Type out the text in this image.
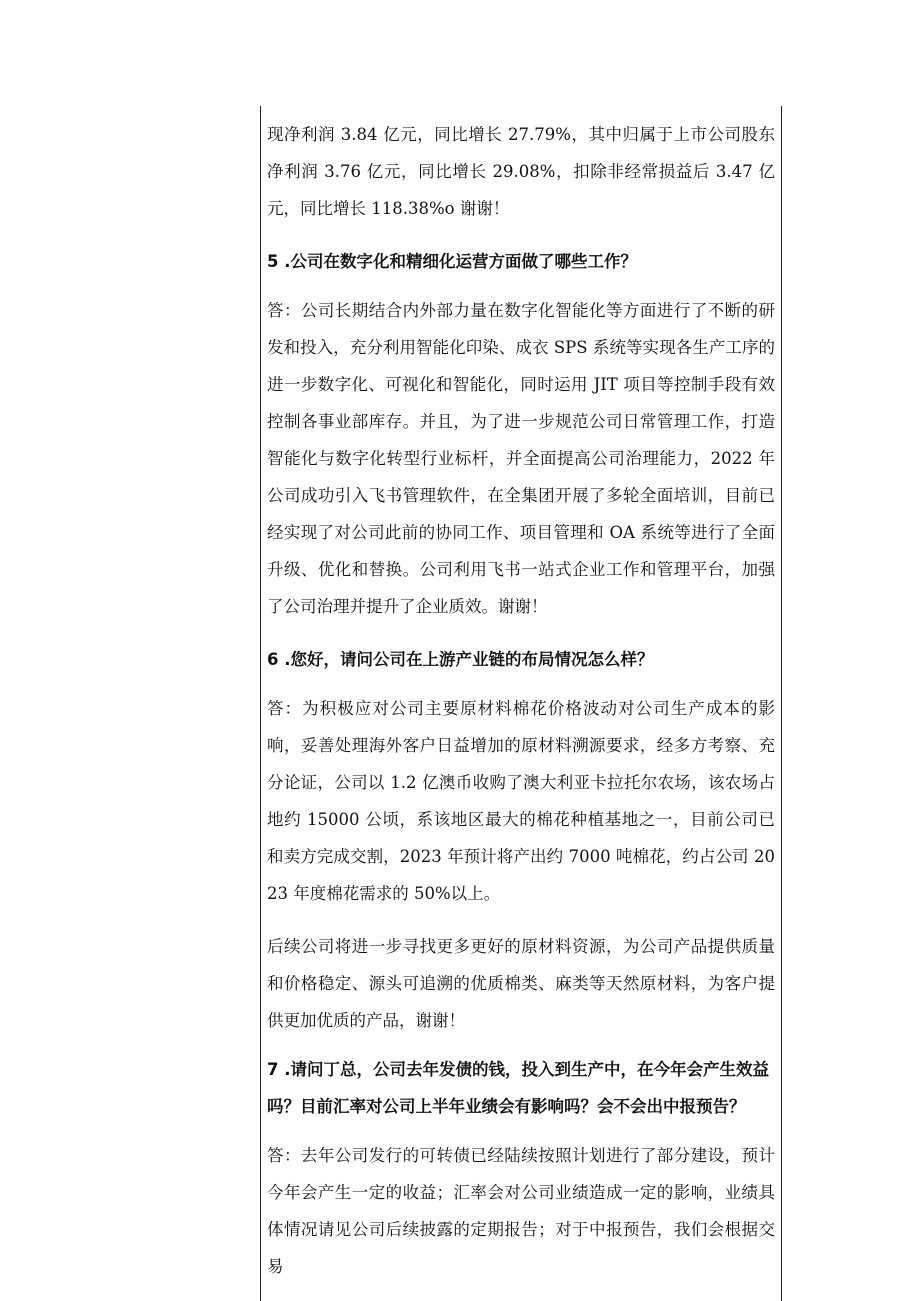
现净利润 3.84 亿元，同比增长 27.79%，其中归属于上市公司股东净利润 3.76 亿元，同比增长 29.08%，扣除非经常损益后 3.47 亿元，同比增长 118.38%o 谢谢！

5 .公司在数字化和精细化运营方面做了哪些工作？

答：公司长期结合内外部力量在数字化智能化等方面进行了不断的研发和投入，充分利用智能化印染、成衣 SPS 系统等实现各生产工序的进一步数字化、可视化和智能化，同时运用 JIT 项目等控制手段有效控制各事业部库存。并且，为了进一步规范公司日常管理工作，打造智能化与数字化转型行业标杆，并全面提高公司治理能力，2022 年公司成功引入飞书管理软件，在全集团开展了多轮全面培训，目前已经实现了对公司此前的协同工作、项目管理和 OA 系统等进行了全面升级、优化和替换。公司利用飞书一站式企业工作和管理平台，加强了公司治理并提升了企业质效。谢谢！

6 .您好，请问公司在上游产业链的布局情况怎么样？

答：为积极应对公司主要原材料棉花价格波动对公司生产成本的影响，妥善处理海外客户日益增加的原材料溯源要求，经多方考察、充分论证，公司以 1.2 亿澳币收购了澳大利亚卡拉托尔农场，该农场占地约 15000 公顷，系该地区最大的棉花种植基地之一，目前公司已和卖方完成交割，2023 年预计将产出约 7000 吨棉花，约占公司 2023 年度棉花需求的 50%以上。

后续公司将进一步寻找更多更好的原材料资源，为公司产品提供质量和价格稳定、源头可追溯的优质棉类、麻类等天然原材料，为客户提供更加优质的产品，谢谢！

7 .请问丁总，公司去年发债的钱，投入到生产中，在今年会产生效益吗？目前汇率对公司上半年业绩会有影响吗？会不会出中报预告？

答：去年公司发行的可转债已经陆续按照计划进行了部分建设，预计今年会产生一定的收益；汇率会对公司业绩造成一定的影响，业绩具体情况请见公司后续披露的定期报告；对于中报预告，我们会根据交易
